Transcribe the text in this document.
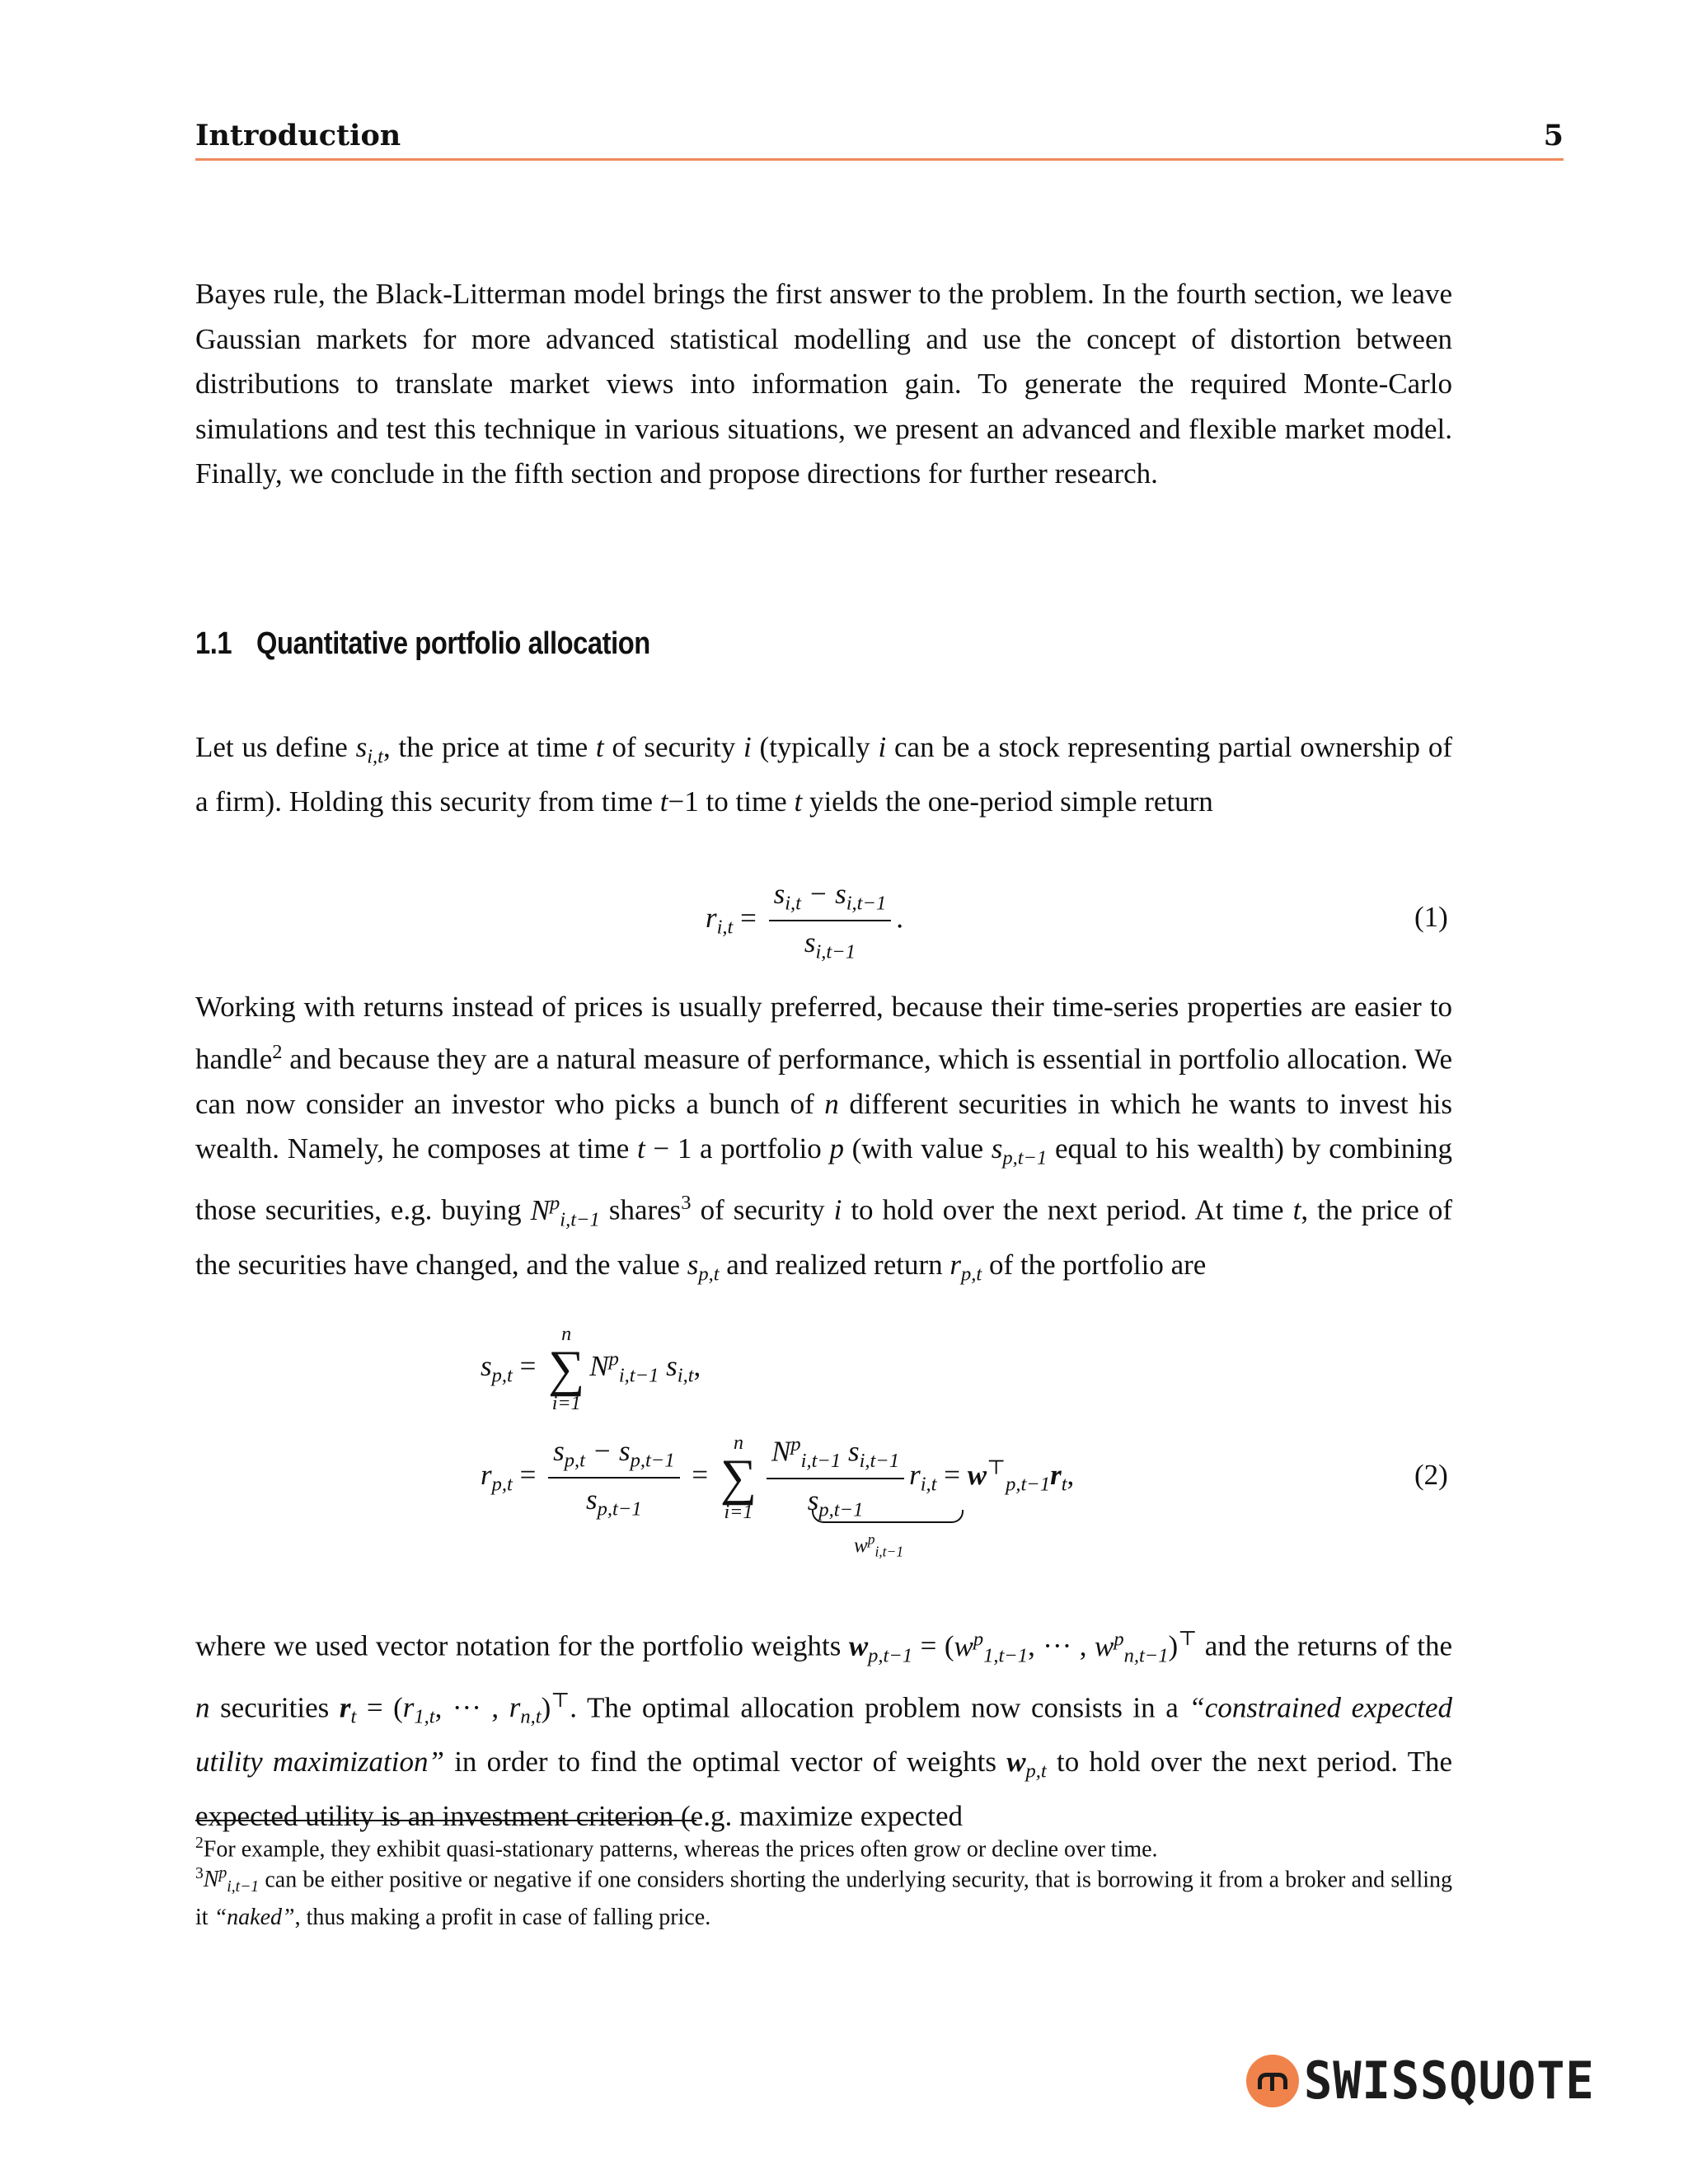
Introduction	5

Bayes rule, the Black-Litterman model brings the first answer to the problem. In the fourth section, we leave Gaussian markets for more advanced statistical modelling and use the concept of distortion between distributions to translate market views into information gain. To generate the required Monte-Carlo simulations and test this technique in various situations, we present an advanced and flexible market model. Finally, we conclude in the fifth section and propose directions for further research.

1.1 Quantitative portfolio allocation

Let us define $s_{i,t}$, the price at time t of security i (typically i can be a stock representing partial ownership of a firm). Holding this security from time t−1 to time t yields the one-period simple return

$r_{i,t} = \frac{s_{i,t} - s_{i,t-1}}{s_{i,t-1}}$ .	(1)

Working with returns instead of prices is usually preferred, because their time-series properties are easier to handle$^2$ and because they are a natural measure of performance, which is essential in portfolio allocation. We can now consider an investor who picks a bunch of n different securities in which he wants to invest his wealth. Namely, he composes at time t − 1 a portfolio p (with value $s_{p,t-1}$ equal to his wealth) by combining those securities, e.g. buying $N^p_{i,t-1}$ shares$^3$ of security i to hold over the next period. At time t, the price of the securities have changed, and the value $s_{p,t}$ and realized return $r_{p,t}$ of the portfolio are

$s_{p,t}$ =
n
∑
i=1
$N^p_{i,t-1}$ $s_{i,t}$,
$r_{p,t} = \frac{s_{p,t} - s_{p,t-1}}{s_{p,t-1}}$ =
n
∑
$i=1 \frac{N^p_{i,t-1} s_{i,t-1}}{s_{p,t-1}} r_{i,t} = w^⊤_{p,t-1}r_t$,
$w^p_{i,t-1}$
(2)

where we used vector notation for the portfolio weights $w_{p,t-1} = (w^p_{1,t-1}$, ··· , $w^p_{n,t-1})^⊤$ and the returns of the n securities $r_t = (r_{1,t}$, ··· , $r_{n,t})^⊤$. The optimal allocation problem now consists in a “constrained expected utility maximization” in order to find the optimal vector of weights $w_{p,t}$ to hold over the next period. The expected utility is an investment criterion (e.g. maximize expected

$^2$For example, they exhibit quasi-stationary patterns, whereas the prices often grow or decline over time.

$^3N^p_{i,t-1}$ can be either positive or negative if one considers shorting the underlying security, that is borrowing it from a broker and selling it “naked”, thus making a profit in case of falling price.

SWISSQUOTE
